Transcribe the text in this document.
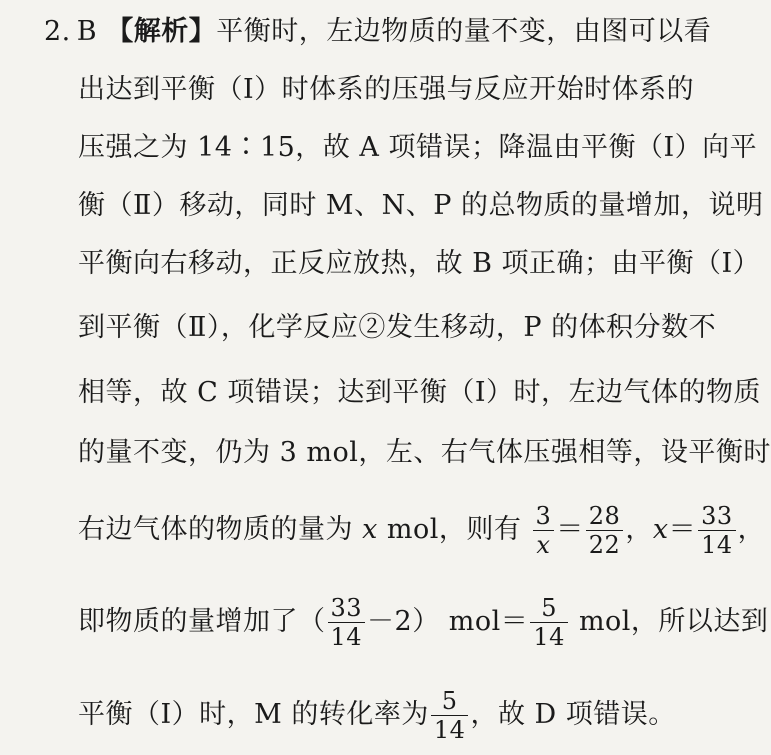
2. B 【解析】平衡时，左边物质的量不变，由图可以看
出达到平衡（Ⅰ）时体系的压强与反应开始时体系的
压强之为 14∶15，故 A 项错误；降温由平衡（Ⅰ）向平
衡（Ⅱ）移动，同时 M、N、P 的总物质的量增加，说明
平衡向右移动，正反应放热，故 B 项正确；由平衡（Ⅰ）
到平衡（Ⅱ），化学反应②发生移动，P 的体积分数不
相等，故 C 项错误；达到平衡（Ⅰ）时，左边气体的物质
的量不变，仍为 3 mol，左、右气体压强相等，设平衡时
右边气体的物质的量为 x mol，则有 $\frac{3}{x} = \frac{28}{22}$ ，$x= \frac{33}{14}$ ，
即物质的量增加了（ $\frac{33}{14} -2$） $mol= \frac{5}{14}$ mol，所以达到
平衡（Ⅰ）时，M 的转化率为 $\frac{5}{14}$ ，故 D 项错误。
